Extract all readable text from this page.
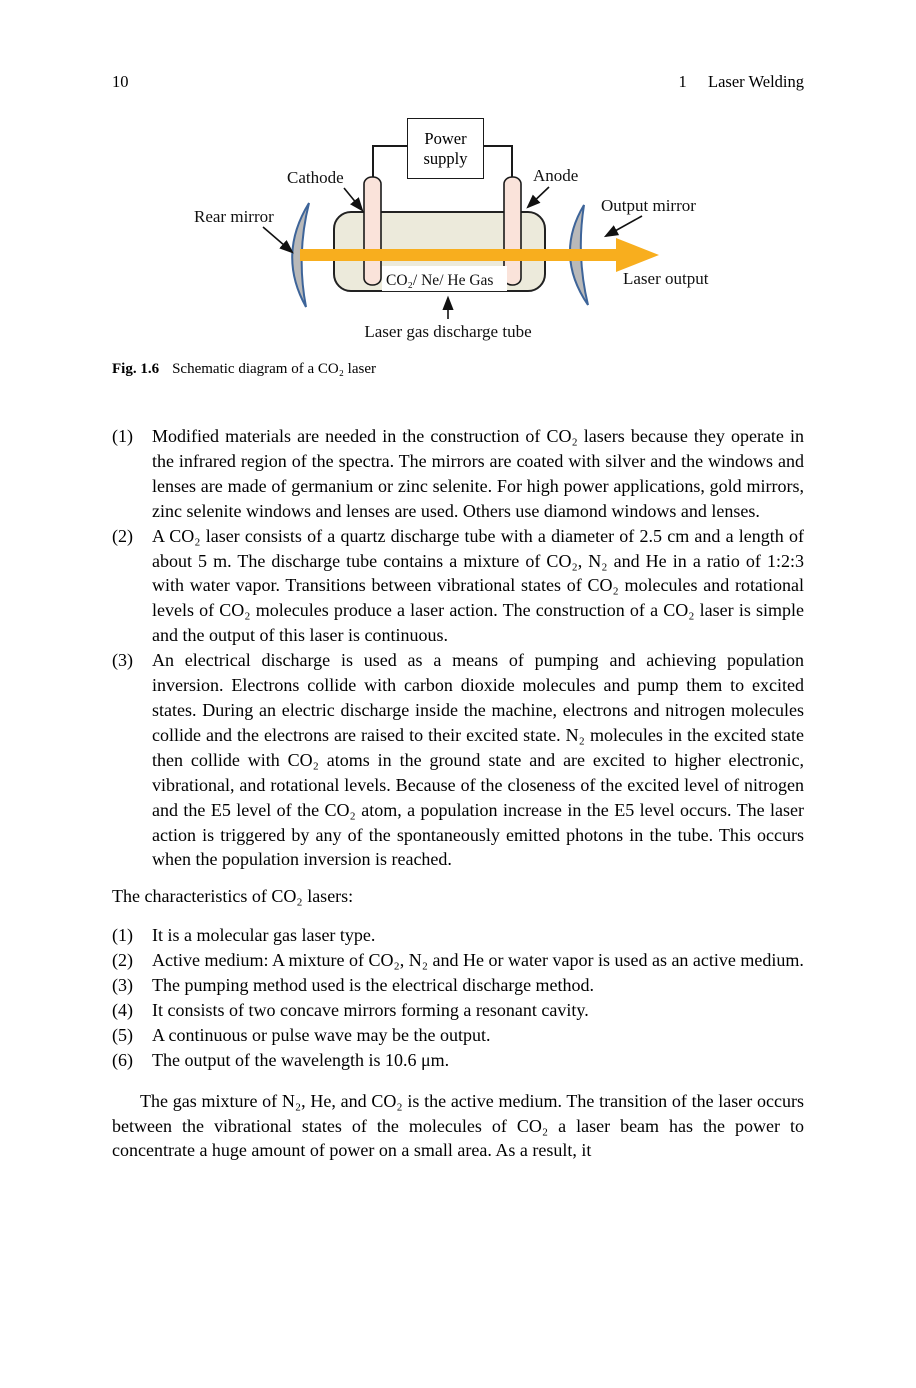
10	1 Laser Welding
CO₂/ Ne/ He Gas
Cathode	Anode
Rear mirror
Output mirror
Laser output
Laser gas discharge tube
Power supply
Fig. 1.6 Schematic diagram of a CO₂ laser
(1)	Modified materials are needed in the construction of CO₂ lasers because they operate in the infrared region of the spectra. The mirrors are coated with silver and the windows and lenses are made of germanium or zinc selenite. For high power applications, gold mirrors, zinc selenite windows and lenses are used. Others use diamond windows and lenses.
(2)	A CO₂ laser consists of a quartz discharge tube with a diameter of 2.5 cm and a length of about 5 m. The discharge tube contains a mixture of CO₂, N₂ and He in a ratio of 1:2:3 with water vapor. Transitions between vibrational states of CO₂ molecules and rotational levels of CO₂ molecules produce a laser action. The construction of a CO₂ laser is simple and the output of this laser is continuous.
(3)	An electrical discharge is used as a means of pumping and achieving population inversion. Electrons collide with carbon dioxide molecules and pump them to excited states. During an electric discharge inside the machine, electrons and nitrogen molecules collide and the electrons are raised to their excited state. N₂ molecules in the excited state then collide with CO₂ atoms in the ground state and are excited to higher electronic, vibrational, and rotational levels. Because of the closeness of the excited level of nitrogen and the E5 level of the CO₂ atom, a population increase in the E5 level occurs. The laser action is triggered by any of the spontaneously emitted photons in the tube. This occurs when the population inversion is reached.
The characteristics of CO₂ lasers:
(1)	It is a molecular gas laser type.
(2)	Active medium: A mixture of CO₂, N₂ and He or water vapor is used as an active medium.
(3)	The pumping method used is the electrical discharge method.
(4)	It consists of two concave mirrors forming a resonant cavity.
(5)	A continuous or pulse wave may be the output.
(6)	The output of the wavelength is 10.6 μm.
The gas mixture of N₂, He, and CO₂ is the active medium. The transition of the laser occurs between the vibrational states of the molecules of CO₂ a laser beam has the power to concentrate a huge amount of power on a small area. As a result, it
